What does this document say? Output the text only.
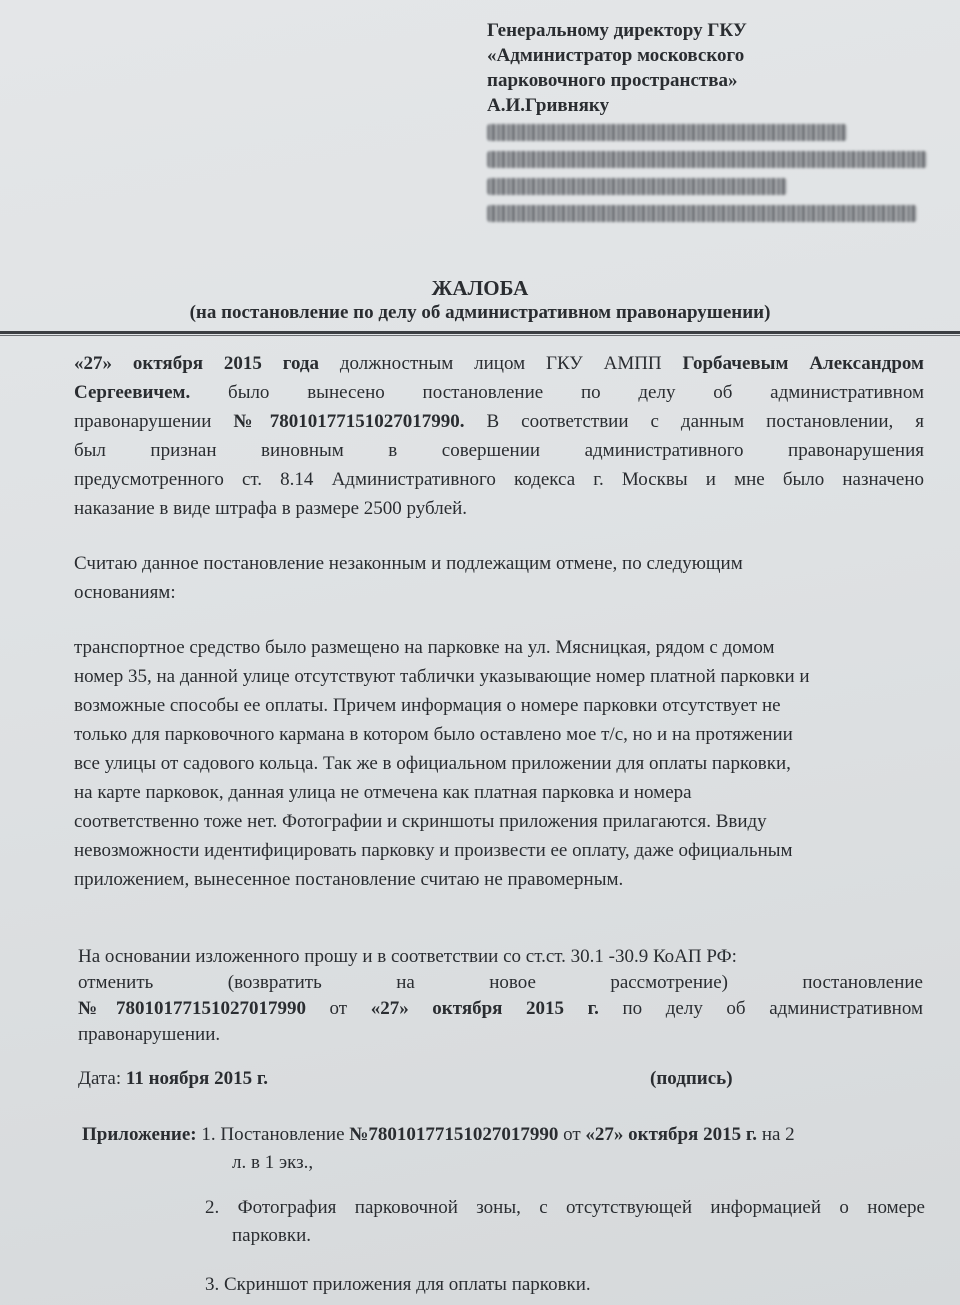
Генеральному директору ГКУ
«Администратор московского
парковочного пространства»
А.И.Гривняку
ЖАЛОБА
(на постановление по делу об административном правонарушении)
«27» октября 2015 года должностным лицом ГКУ АМПП Горбачевым Александром
Сергеевичем. было вынесено постановление по делу об административном
правонарушении №78010177151027017990. В соответствии с данным постановлении, я
был признан виновным в совершении административного правонарушения
предусмотренного ст. 8.14 Административного кодекса г. Москвы и мне было назначено
наказание в виде штрафа в размере 2500 рублей.
Считаю данное постановление незаконным и подлежащим отмене, по следующим
основаниям:
транспортное средство было размещено на парковке на ул. Мясницкая, рядом с домом
номер 35, на данной улице отсутствуют таблички указывающие номер платной парковки и
возможные способы ее оплаты. Причем информация о номере парковки отсутствует не
только для парковочного кармана в котором было оставлено мое т/с, но и на протяжении
все улицы от садового кольца. Так же в официальном приложении для оплаты парковки,
на карте парковок, данная улица не отмечена как платная парковка и номера
соответственно тоже нет. Фотографии и скриншоты приложения прилагаются. Ввиду
невозможности идентифицировать парковку и произвести ее оплату, даже официальным
приложением, вынесенное постановление считаю не правомерным.
На основании изложенного прошу и в соответствии со ст.ст. 30.1 -30.9 КоАП РФ:
отменить (возвратить на новое рассмотрение) постановление
№78010177151027017990 от «27» октября 2015 г. по делу об административном
правонарушении.
Дата: 11 ноября 2015 г.	(подпись)
Приложение: 1. Постановление №78010177151027017990 от «27» октября 2015 г. на 2
л. в 1 экз.,
2. Фотография парковочной зоны, с отсутствующей информацией о номере
парковки.
3. Скриншот приложения для оплаты парковки.
